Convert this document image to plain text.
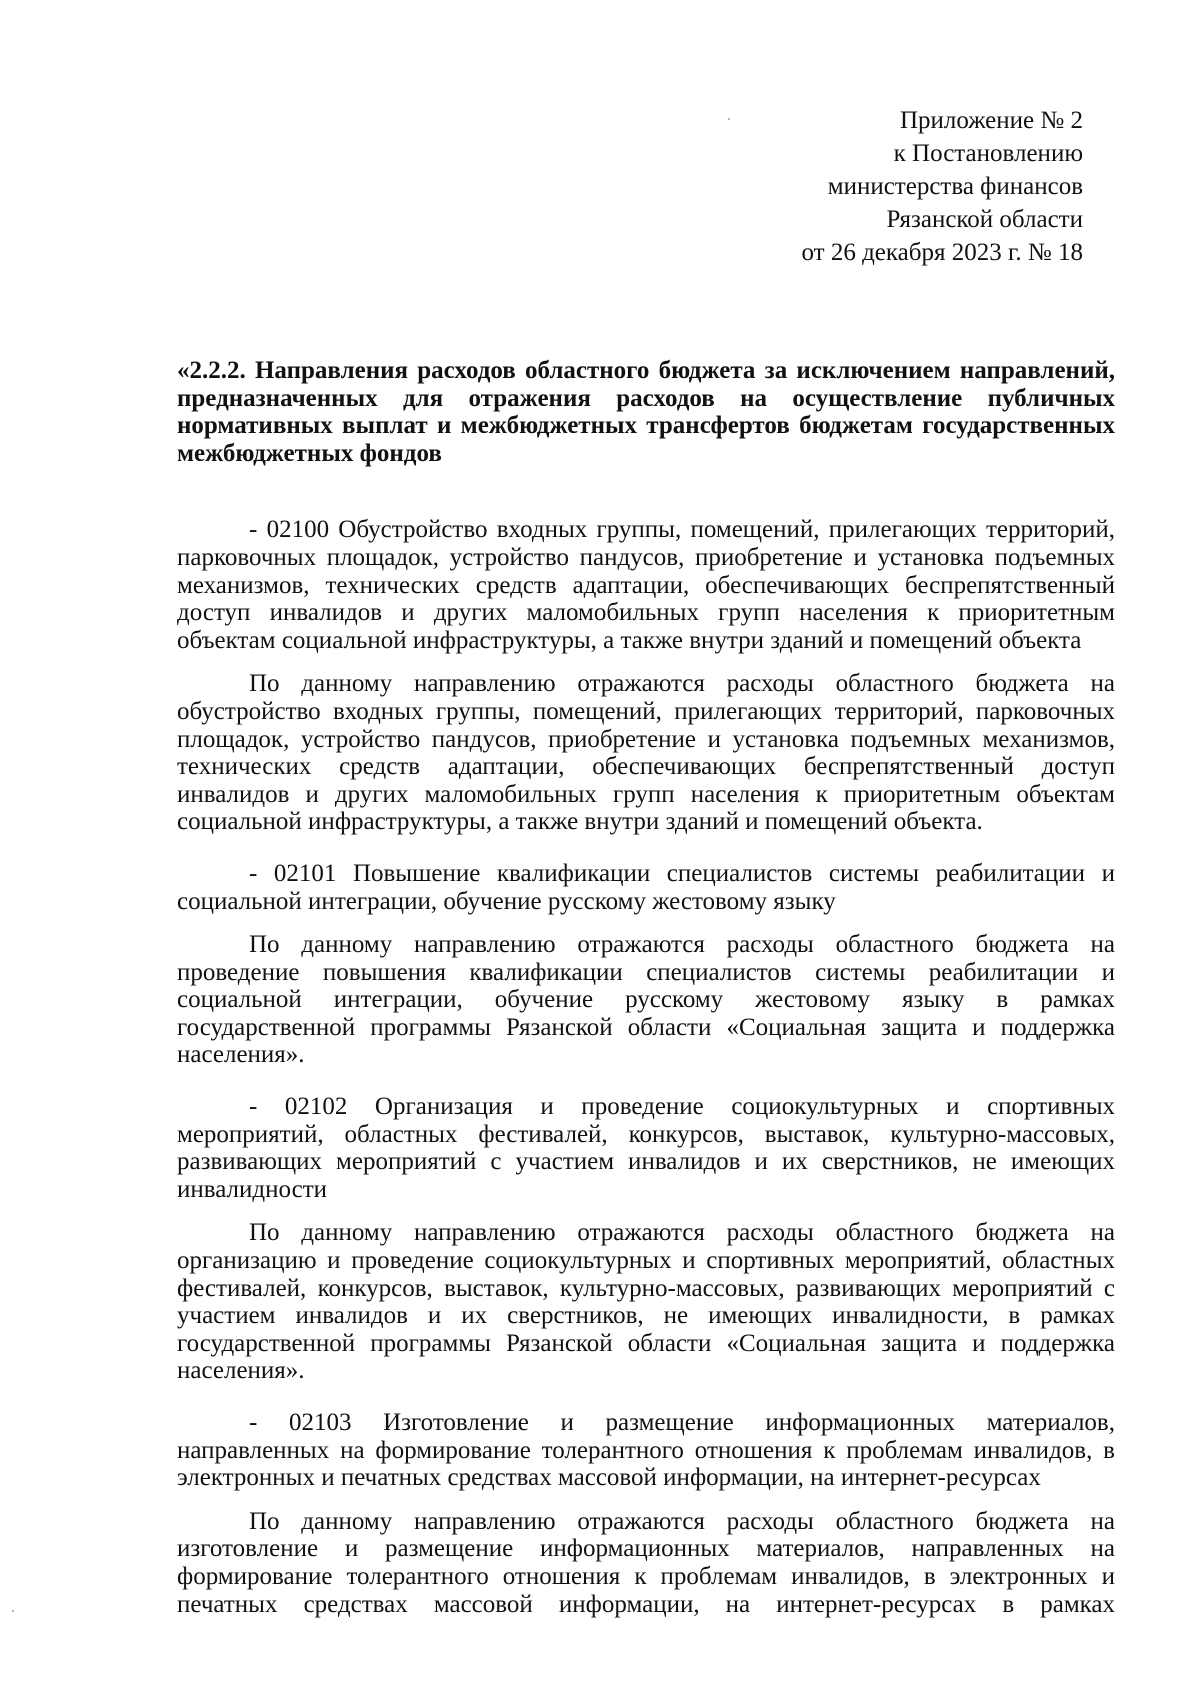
Приложение № 2
к Постановлению
министерства финансов
Рязанской области
от 26 декабря 2023 г. № 18

«2.2.2. Направления расходов областного бюджета за исключением направлений, предназначенных для отражения расходов на осуществление публичных нормативных выплат и межбюджетных трансфертов бюджетам государственных межбюджетных фондов

- 02100 Обустройство входных группы, помещений, прилегающих территорий, парковочных площадок, устройство пандусов, приобретение и установка подъемных механизмов, технических средств адаптации, обеспечивающих беспрепятственный доступ инвалидов и других маломобильных групп населения к приоритетным объектам социальной инфраструктуры, а также внутри зданий и помещений объекта

По данному направлению отражаются расходы областного бюджета на обустройство входных группы, помещений, прилегающих территорий, парковочных площадок, устройство пандусов, приобретение и установка подъемных механизмов, технических средств адаптации, обеспечивающих беспрепятственный доступ инвалидов и других маломобильных групп населения к приоритетным объектам социальной инфраструктуры, а также внутри зданий и помещений объекта.

- 02101 Повышение квалификации специалистов системы реабилитации и социальной интеграции, обучение русскому жестовому языку

По данному направлению отражаются расходы областного бюджета на проведение повышения квалификации специалистов системы реабилитации и социальной интеграции, обучение русскому жестовому языку в рамках государственной программы Рязанской области «Социальная защита и поддержка населения».

- 02102 Организация и проведение социокультурных и спортивных мероприятий, областных фестивалей, конкурсов, выставок, культурно-массовых, развивающих мероприятий с участием инвалидов и их сверстников, не имеющих инвалидности

По данному направлению отражаются расходы областного бюджета на организацию и проведение социокультурных и спортивных мероприятий, областных фестивалей, конкурсов, выставок, культурно-массовых, развивающих мероприятий с участием инвалидов и их сверстников, не имеющих инвалидности, в рамках государственной программы Рязанской области «Социальная защита и поддержка населения».

- 02103 Изготовление и размещение информационных материалов, направленных на формирование толерантного отношения к проблемам инвалидов, в электронных и печатных средствах массовой информации, на интернет-ресурсах

По данному направлению отражаются расходы областного бюджета на изготовление и размещение информационных материалов, направленных на формирование толерантного отношения к проблемам инвалидов, в электронных и печатных средствах массовой информации, на интернет-ресурсах в рамках
